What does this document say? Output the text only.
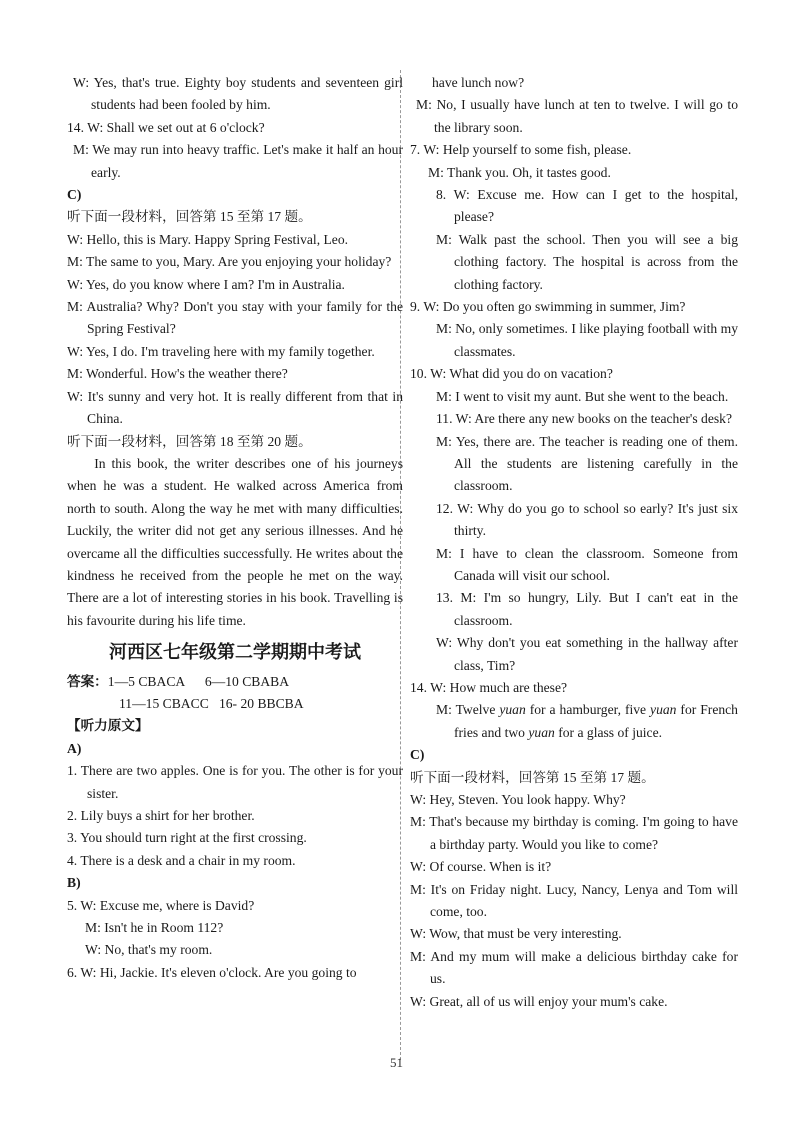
W: Yes, that's true. Eighty boy students and seventeen girl students had been fooled by him.

14. W: Shall we set out at 6 o'clock?

M: We may run into heavy traffic. Let's make it half an hour early.

C)

听下面一段材料，回答第 15 至第 17 题。

W: Hello, this is Mary. Happy Spring Festival, Leo.

M: The same to you, Mary. Are you enjoying your holiday?

W: Yes, do you know where I am? I'm in Australia.

M: Australia? Why? Don't you stay with your family for the Spring Festival?

W: Yes, I do. I'm traveling here with my family together.

M: Wonderful. How's the weather there?

W: It's sunny and very hot. It is really different from that in China.

听下面一段材料，回答第 18 至第 20 题。

In this book, the writer describes one of his journeys when he was a student. He walked across America from north to south. Along the way he met with many difficulties. Luckily, the writer did not get any serious illnesses. And he overcame all the difficulties successfully. He writes about the kindness he received from the people he met on the way. There are a lot of interesting stories in his book. Travelling is his favourite during his life time.

河西区七年级第二学期期中考试

答案：1—5 CBACA      6—10 CBABA

11—15 CBACC   16- 20 BBCBA

【听力原文】

A)

1. There are two apples. One is for you. The other is for your sister.

2. Lily buys a shirt for her brother.

3. You should turn right at the first crossing.

4. There is a desk and a chair in my room.

B)

5. W: Excuse me, where is David?

M: Isn't he in Room 112?

W: No, that's my room.

6. W: Hi, Jackie. It's eleven o'clock. Are you going to

have lunch now?

M: No, I usually have lunch at ten to twelve. I will go to the library soon.

7. W: Help yourself to some fish, please.

M: Thank you. Oh, it tastes good.

8. W: Excuse me. How can I get to the hospital, please?

M: Walk past the school. Then you will see a big clothing factory. The hospital is across from the clothing factory.

9. W: Do you often go swimming in summer, Jim?

M: No, only sometimes. I like playing football with my classmates.

10. W: What did you do on vacation?

M: I went to visit my aunt. But she went to the beach.

11. W: Are there any new books on the teacher's desk?

M: Yes, there are. The teacher is reading one of them. All the students are listening carefully in the classroom.

12. W: Why do you go to school so early? It's just six thirty.

M: I have to clean the classroom. Someone from Canada will visit our school.

13. M: I'm so hungry, Lily. But I can't eat in the classroom.

W: Why don't you eat something in the hallway after class, Tim?

14. W: How much are these?

M: Twelve yuan for a hamburger, five yuan for French fries and two yuan for a glass of juice.

C)

听下面一段材料，回答第 15 至第 17 题。

W: Hey, Steven. You look happy. Why?

M: That's because my birthday is coming. I'm going to have a birthday party. Would you like to come?

W: Of course. When is it?

M: It's on Friday night. Lucy, Nancy, Lenya and Tom will come, too.

W: Wow, that must be very interesting.

M: And my mum will make a delicious birthday cake for us.

W: Great, all of us will enjoy your mum's cake.

51
